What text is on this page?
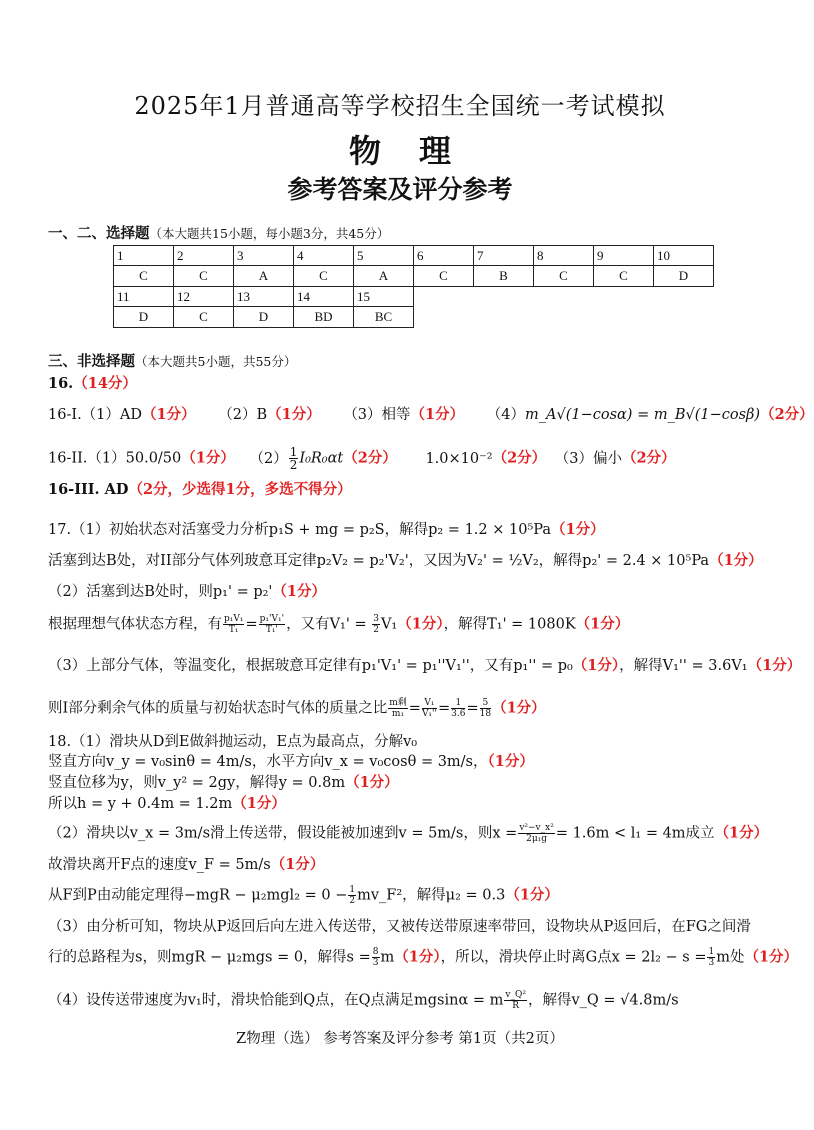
2025年1月普通高等学校招生全国统一考试模拟
物理
参考答案及评分参考
一、二、选择题（本大题共15小题，每小题3分，共45分）
1	2	3	4	5	6	7	8	9	10
C	C	A	C	A	C	B	C	C	D
11	12	13	14	15					
D	C	D	BD	BC					
三、非选择题（本大题共5小题，共55分）
16.（14分）
16-I.（1）AD（1分） （2）B（1分） （3）相等（1分） （4）m_A√(1−cosα) = m_B√(1−cosβ)（2分）
16-II.（1）50.0/50（1分） $(2) \frac{1}{2} I_0R_0\alpha t(2$分） 1.0×10⁻²（2分） （3）偏小（2分）
16-III. AD（2分，少选得1分，多选不得分）
17.（1）初始状态对活塞受力分析p₁S + mg = p₂S，解得p₂ = 1.2 × 10⁵Pa（1分）
活塞到达B处，对II部分气体列玻意耳定律p₂V₂ = p₂'V₂'，又因为V₂' = ½V₂，解得p₂' = 2.4 × 10⁵Pa（1分）
（2）活塞到达B处时，则p₁' = p₂'（1分）
根据理想气体状态方程，有 $\frac{\text{p₁V₁}}{\text{T₁}} = \frac{\text{p₁'V₁'}}{\text{T₁'}}$ ，又有$V_1' = \frac{3}{2} V_1(1$分），解得T₁' = 1080K（1分）
（3）上部分气体，等温变化，根据玻意耳定律有p₁'V₁' = p₁''V₁''，又有p₁'' = p₀（1分），解得V₁'' = 3.6V₁（1分）
则I部分剩余气体的质量与初始状态时气体的质量之比 $\frac{\text{m剩}}{\text{m₁}} = \frac{\text{V₁}}{\text{V₁''}} = \frac{1}{3.6} = \frac{5}{18} (1$分）
18.（1）滑块从D到E做斜抛运动，E点为最高点，分解v₀
竖直方向v_y = v₀sinθ = 4m/s，水平方向v_x = v₀cosθ = 3m/s，（1分）
竖直位移为y，则v_y² = 2gy，解得y = 0.8m（1分）
所以h = y + 0.4m = 1.2m（1分）
（2）滑块以v_x = 3m/s滑上传送带，假设能被加速到v = 5m/s，则$x = \frac{\text{v²−v\_x²}}{\text{2μ₁g}} = 1.6m < l_1 = 4m$成立（1分）
故滑块离开F点的速度v_F = 5m/s（1分）
从F到P由动能定理得$-mgR - \mu_2mgl_2 = 0 - \frac{1}{2}$ mv_F²，解得μ₂ = 0.3（1分）
（3）由分析可知，物块从P返回后向左进入传送带，又被传送带原速率带回，设物块从P返回后，在FG之间滑
行的总路程为s，则mgR − μ₂mgs = 0，解得$s = \frac{8}{3} m(1$分），所以，滑块停止时离G点$x = 2l_2 - s = \frac{1}{3}$ m处（1分）
（4）设传送带速度为v₁时，滑块恰能到Q点，在Q点满足mgsinα = m $\frac{\text{v\_Q²}}{R}$ ，解得v_Q = √4.8m/s
Z物理（选） 参考答案及评分参考 第1页（共2页）
